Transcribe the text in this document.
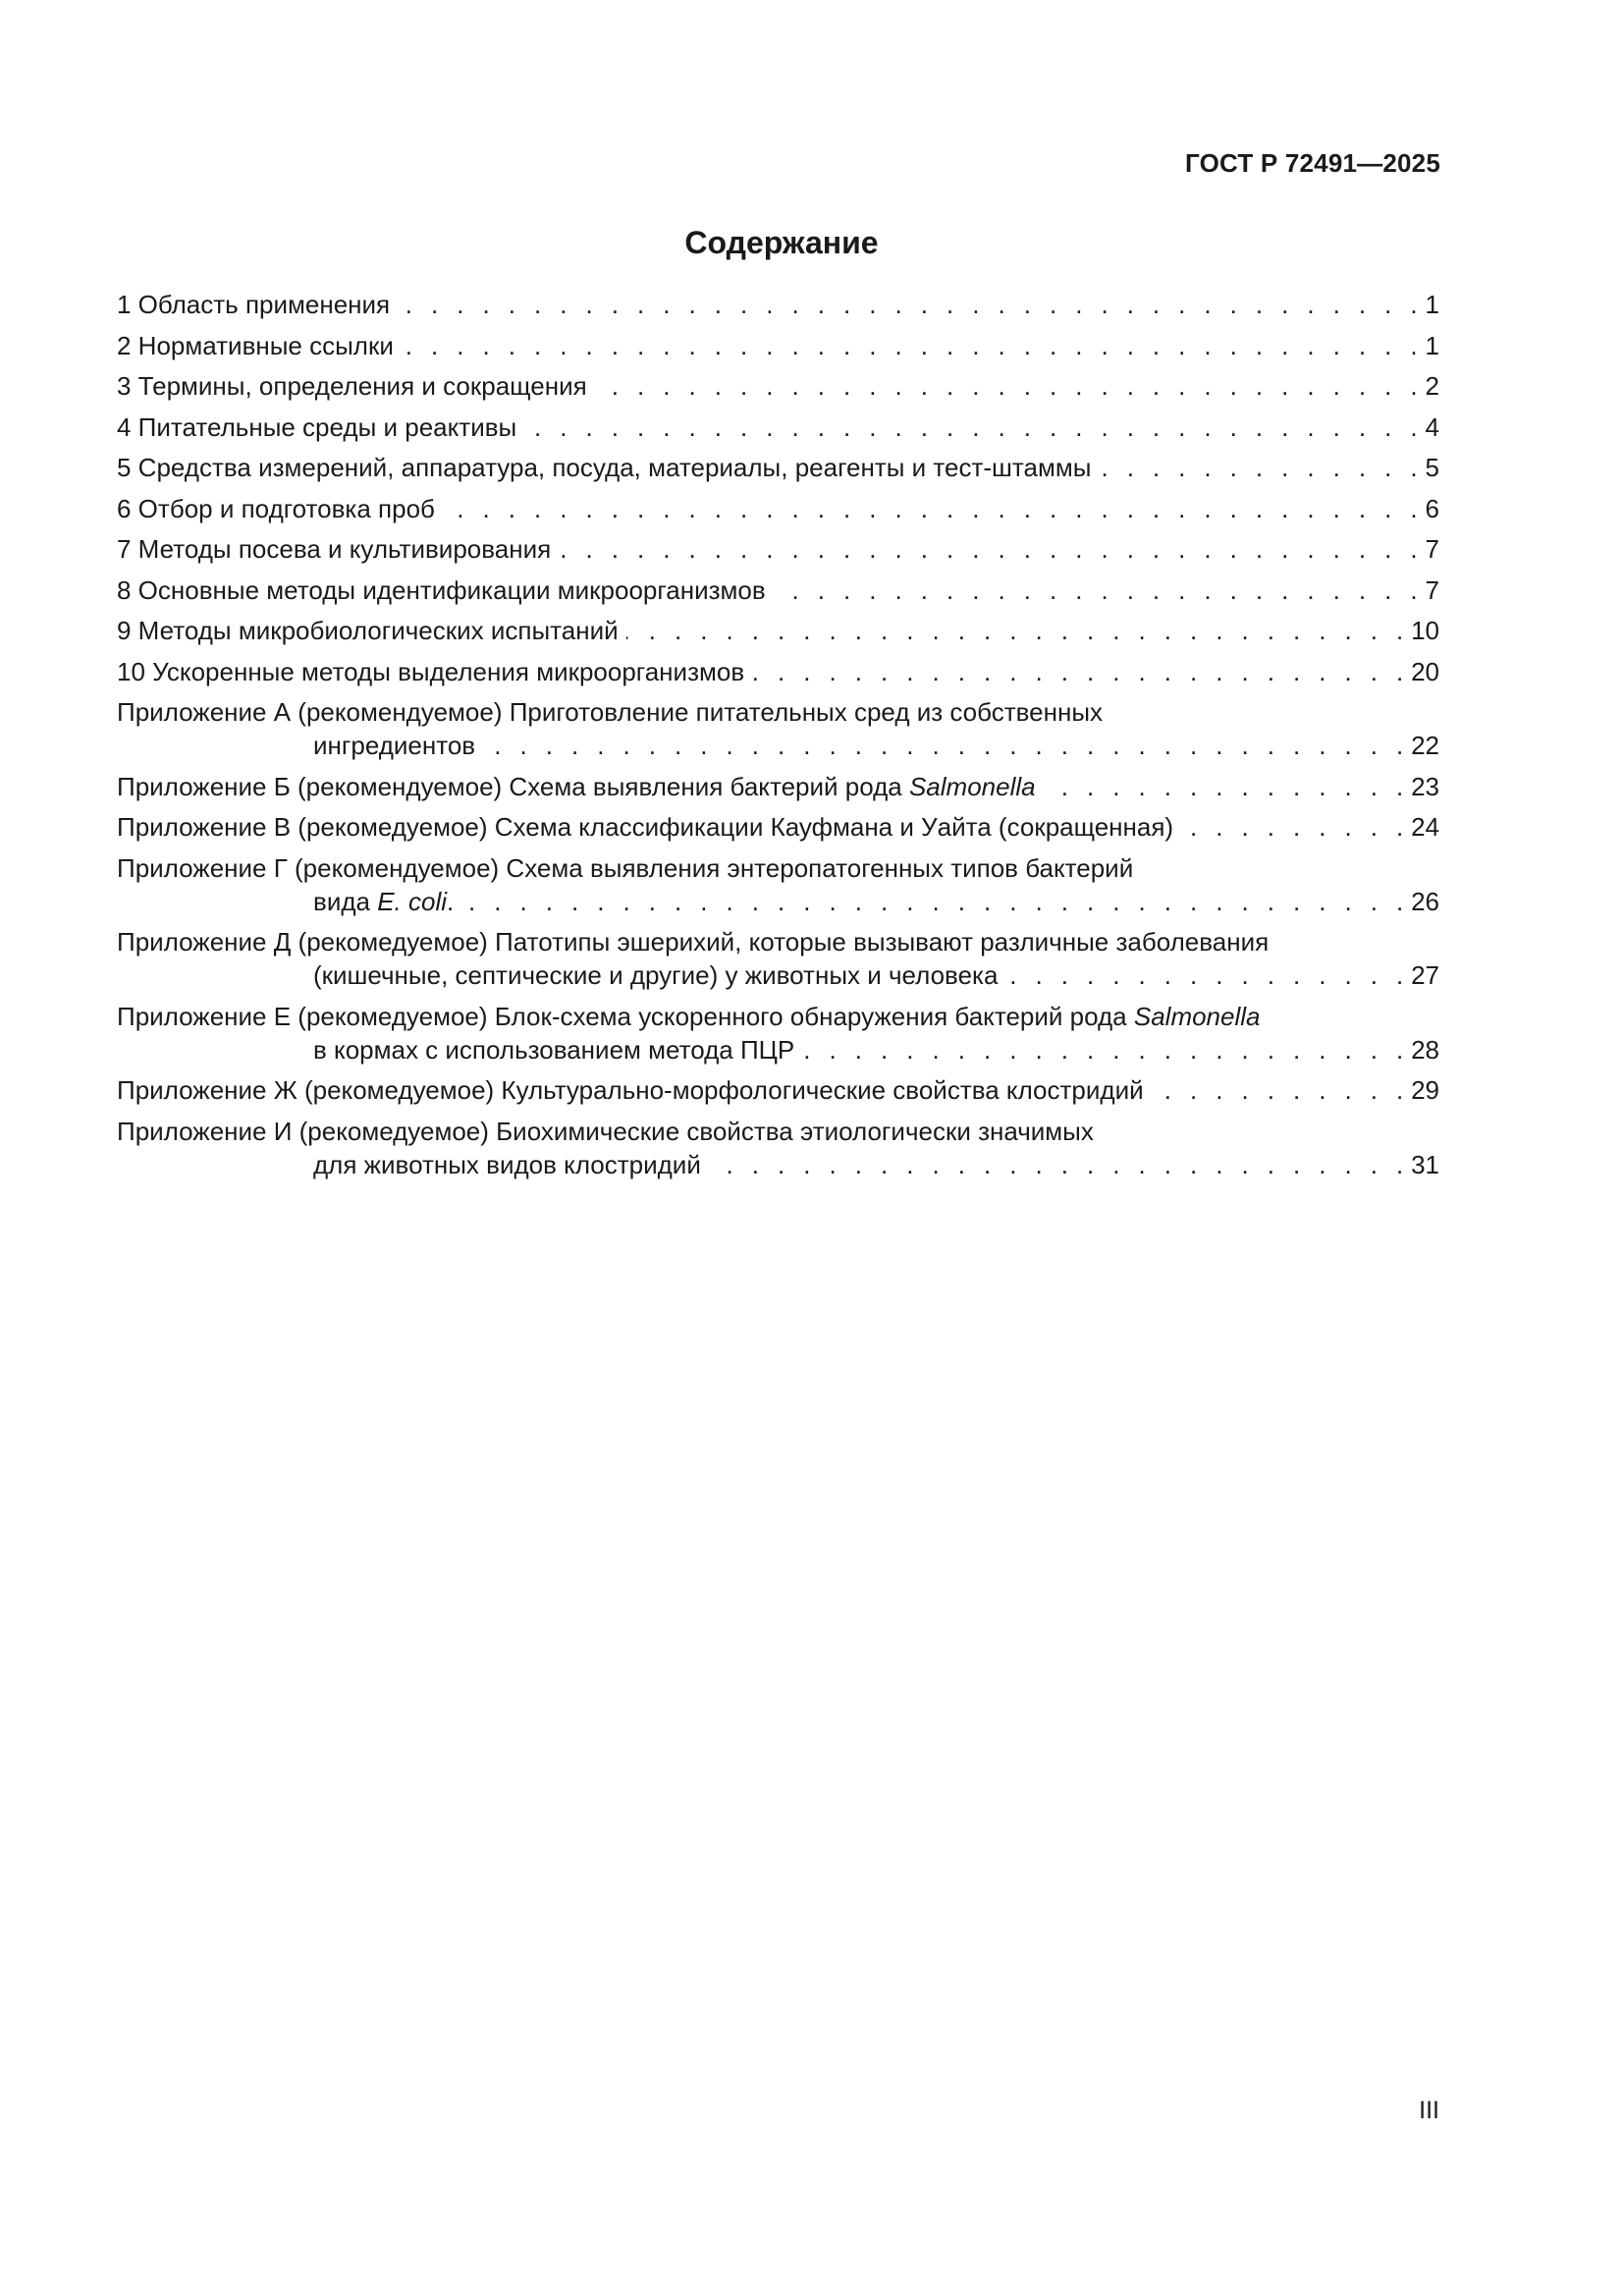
ГОСТ Р 72491—2025
Содержание
1 Область применения . . .	1
2 Нормативные ссылки . . .	1
3 Термины, определения и сокращения . . .	2
4 Питательные среды и реактивы . . .	4
5 Средства измерений, аппаратура, посуда, материалы, реагенты и тест-штаммы . . .	5
6 Отбор и подготовка проб . . .	6
7 Методы посева и культивирования . . .	7
8 Основные методы идентификации микроорганизмов . . .	7
9 Методы микробиологических испытаний . . .	10
10 Ускоренные методы выделения микроорганизмов . . .	20
Приложение А (рекомендуемое) Приготовление питательных сред из собственных
ингредиентов . . .	22
Приложение Б (рекомендуемое) Схема выявления бактерий рода Salmonella . . .	23
Приложение В (рекомедуемое) Схема классификации Кауфмана и Уайта (сокращенная) . . .	24
Приложение Г (рекомендуемое) Схема выявления энтеропатогенных типов бактерий
вида E. coli. . . .	26
Приложение Д (рекомедуемое) Патотипы эшерихий, которые вызывают различные заболевания
(кишечные, септические и другие) у животных и человека . . .	27
Приложение Е (рекомедуемое) Блок-схема ускоренного обнаружения бактерий рода Salmonella
в кормах с использованием метода ПЦР . . .	28
Приложение Ж (рекомедуемое) Культурально-морфологические свойства клостридий . . .	29
Приложение И (рекомедуемое) Биохимические свойства этиологически значимых
для животных видов клостридий . . .	31
III
